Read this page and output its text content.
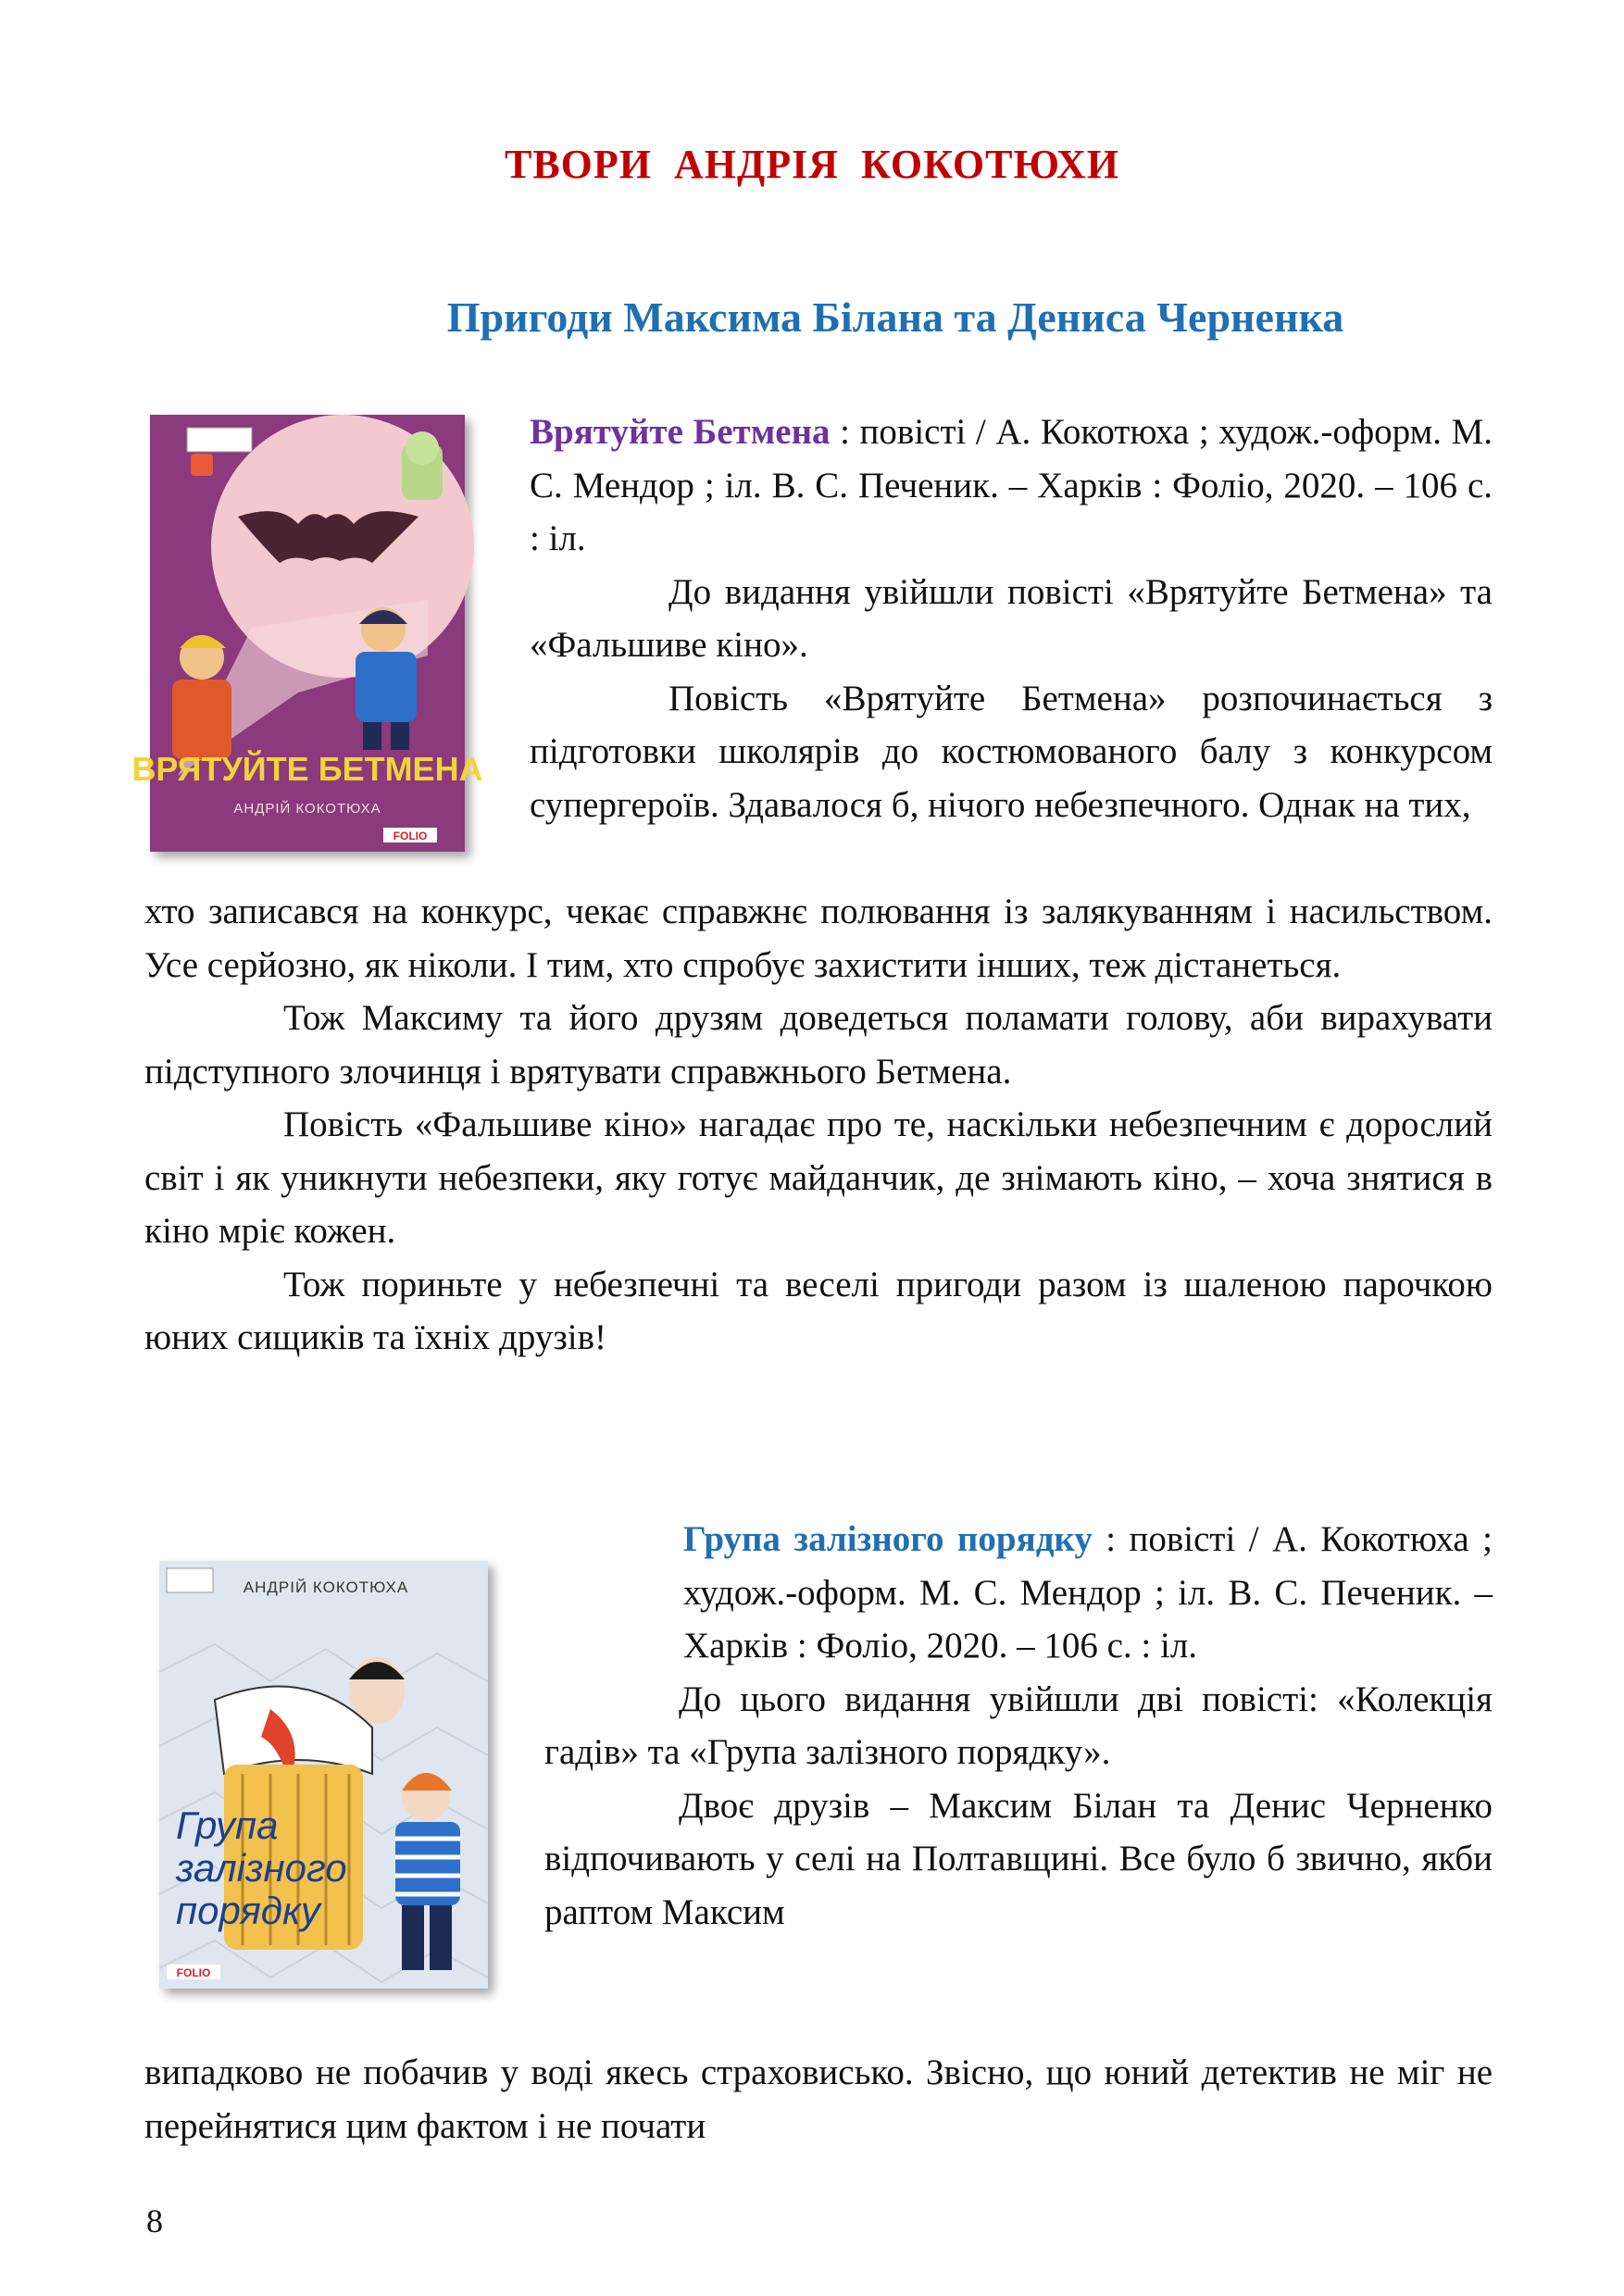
ТВОРИ  АНДРІЯ  КОКОТЮХИ
Пригоди Максима Білана та Дениса Черненка
ВРЯТУЙТЕ БЕТМЕНА
АНДРІЙ КОКОТЮХА
FOLIO

Врятуйте Бетмена : повісті / А. Кокотюха ; худож.-оформ. М. С. Мендор ; іл. В. С. Печеник. – Харків : Фоліо, 2020. – 106 с. : іл.

До видання увійшли повісті «Врятуйте Бетмена» та «Фальшиве кіно».

Повість «Врятуйте Бетмена» розпочинається з підготовки школярів до костюмованого балу з конкурсом супергероїв. Здавалося б, нічого небезпечного. Однак на тих,

хто записався на конкурс, чекає справжнє полювання із залякуванням і насильством. Усе серйозно, як ніколи. І тим, хто спробує захистити інших, теж дістанеться.

Тож Максиму та його друзям доведеться поламати голову, аби вирахувати підступного злочинця і врятувати справжнього Бетмена.

Повість «Фальшиве кіно» нагадає про те, наскільки небезпечним є дорослий світ і як уникнути небезпеки, яку готує майданчик, де знімають кіно, – хоча знятися в кіно мріє кожен.

Тож пориньте у небезпечні та веселі пригоди разом із шаленою парочкою юних сищиків та їхніх друзів!

АНДРІЙ КОКОТЮХА
Група
залізного
порядку
FOLIO

Група залізного порядку : повісті / А. Кокотюха ; худож.-оформ. М. С. Мендор ; іл. В. С. Печеник. – Харків : Фоліо, 2020. – 106 с. : іл.

До цього видання увійшли дві повісті: «Колекція гадів» та «Група залізного порядку».

Двоє друзів – Максим Білан та Денис Черненко відпочивають у селі на Полтавщині. Все було б звично, якби раптом Максим

випадково не побачив у воді якесь страховисько. Звісно, що юний детектив не міг не перейнятися цим фактом і не почати

8
